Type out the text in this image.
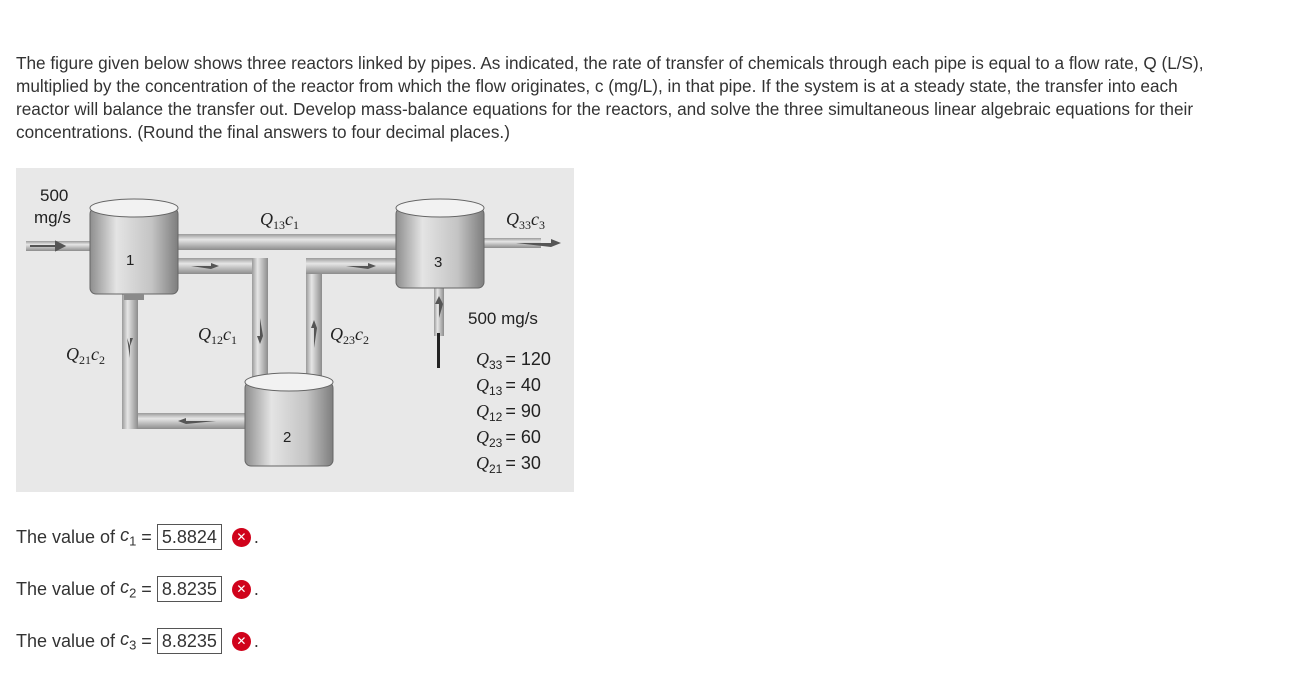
The figure given below shows three reactors linked by pipes. As indicated, the rate of transfer of chemicals through each pipe is equal to a flow rate, Q (L/S), multiplied by the concentration of the reactor from which the flow originates, c (mg/L), in that pipe. If the system is at a steady state, the transfer into each reactor will balance the transfer out. Develop mass-balance equations for the reactors, and solve the three simultaneous linear algebraic equations for their concentrations. (Round the final answers to four decimal places.)

1
2
3
500
mg/s
500 mg/s
$Q_{13}c_1$	$Q_{33}c_3$
$Q_{12}c_1$	$Q_{23}c_2$
$Q_{21}c_2$	$Q_{33} = 120$
$Q_{13} = 40$
$Q_{12} = 90$
$Q_{23} = 60$
$Q_{21} = 30$
The value of $c_1 = 5.8824$	✕ .
The value of $c_2 = 8.8235$	✕ .
The value of $c_3 = 8.8235$	✕ .
